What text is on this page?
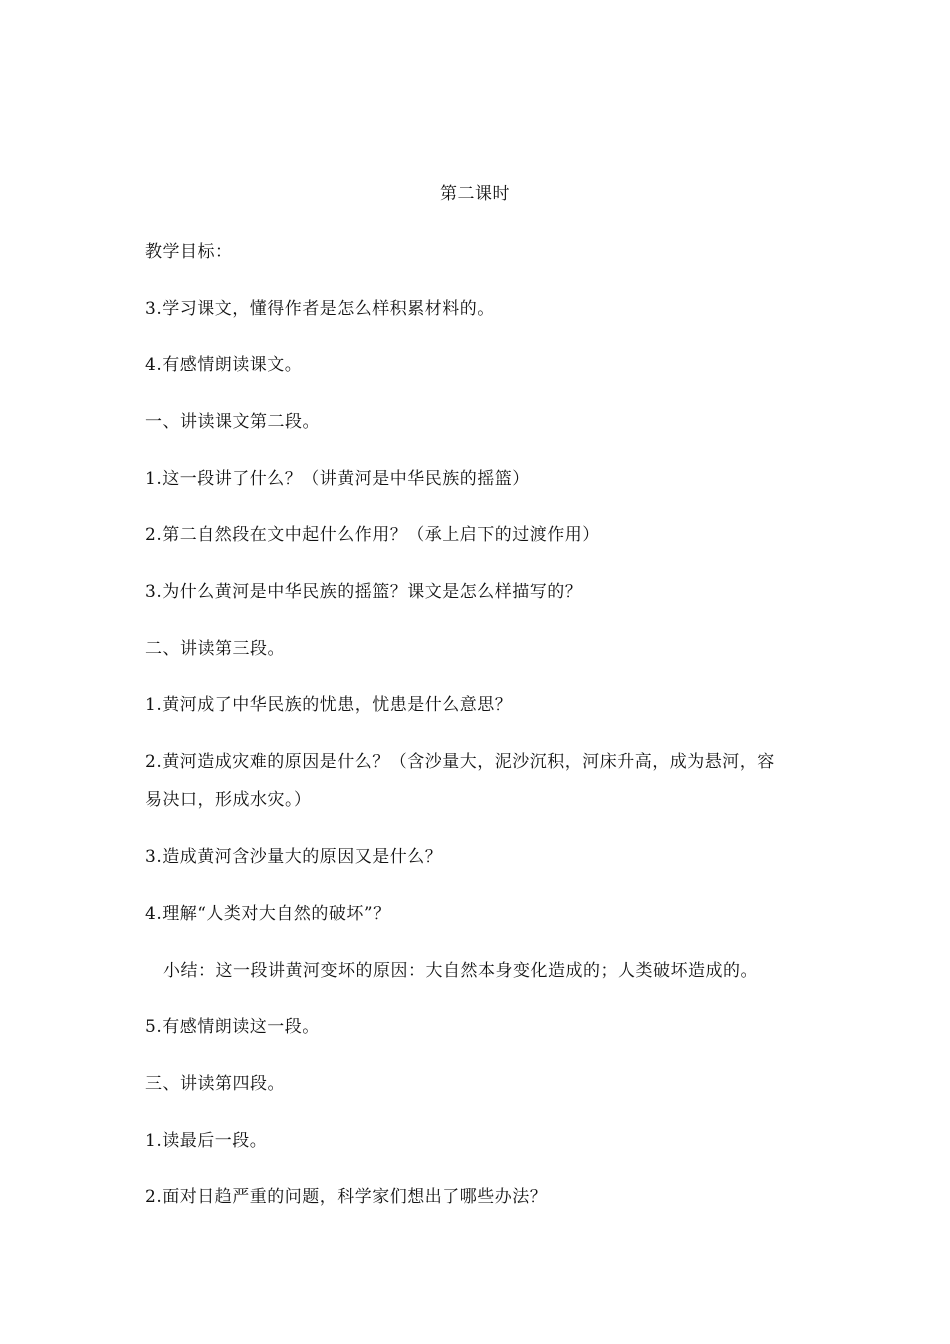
第二课时
教学目标：
3.学习课文，懂得作者是怎么样积累材料的。
4.有感情朗读课文。
一、讲读课文第二段。
1.这一段讲了什么？（讲黄河是中华民族的摇篮）
2.第二自然段在文中起什么作用？（承上启下的过渡作用）
3.为什么黄河是中华民族的摇篮？课文是怎么样描写的？
二、讲读第三段。
1.黄河成了中华民族的忧患，忧患是什么意思？
2.黄河造成灾难的原因是什么？（含沙量大，泥沙沉积，河床升高，成为悬河，容
易决口，形成水灾。）
3.造成黄河含沙量大的原因又是什么？
4.理解“人类对大自然的破坏”？
小结：这一段讲黄河变坏的原因：大自然本身变化造成的；人类破坏造成的。
5.有感情朗读这一段。
三、讲读第四段。
1.读最后一段。
2.面对日趋严重的问题，科学家们想出了哪些办法？
